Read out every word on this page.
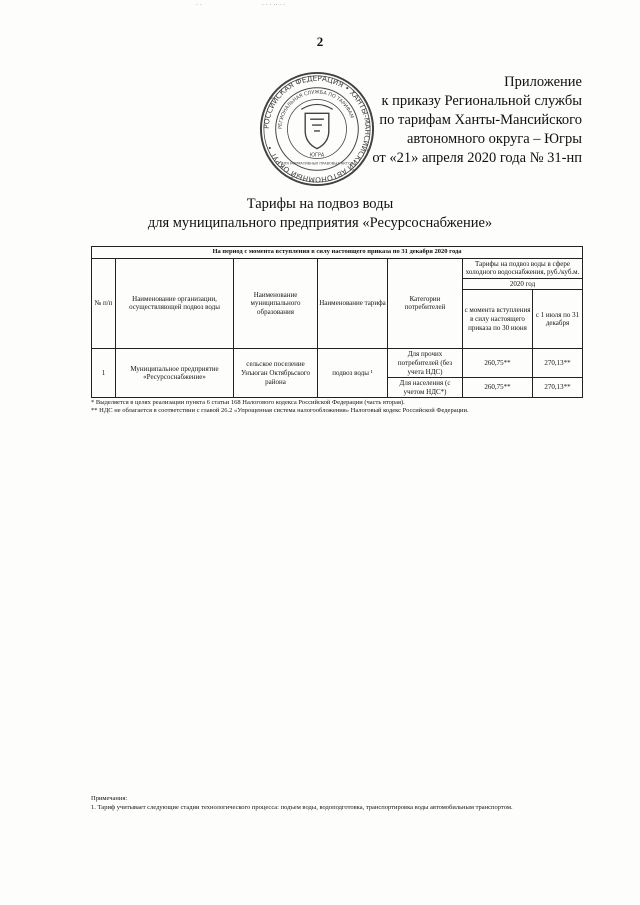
· · · ·· · ·
· ·
2
РОССИЙСКАЯ ФЕДЕРАЦИЯ • ХАНТЫ-МАНСИЙСКИЙ АВТОНОМНЫЙ ОКРУГ •
РЕГИОНАЛЬНАЯ СЛУЖБА ПО ТАРИФАМ
ЮГРА
ДЛЯ НОРМАТИВНЫХ ПРАВОВЫХ АКТОВ
Приложение
к приказу Региональной службы
по тарифам Ханты-Мансийского
автономного округа – Югры
от «21» апреля 2020 года № 31-нп
Тарифы на подвоз воды
для муниципального предприятия «Ресурсоснабжение»
На период с момента вступления в силу настоящего приказа по 31 декабря 2020 года						
№ п/п	Наименование организации, осуществляющей подвоз воды	Наименование муниципального образования	Наименование тарифа	Категории потребителей	Тарифы на подвоз воды в сфере холодного водоснабжения, руб./куб.м.	
					2020 год	
					с момента вступления в силу настоящего приказа по 30 июня	с 1 июля по 31 декабря
1	Муниципальное предприятие «Ресурсоснабжение»	сельское поселение Унъюган Октябрьского района	подвоз воды ¹	Для прочих потребителей (без учета НДС)	260,75**	270,13**
				Для населения (с учетом НДС*)	260,75**	270,13**

* Выделяется в целях реализации пункта 6 статьи 168 Налогового кодекса Российской Федерации (часть вторая).

** НДС не облагается в соответствии с главой 26.2 «Упрощенная система налогообложения» Налоговый кодекс Российской Федерации.

Примечания:

1. Тариф учитывает следующие стадии технологического процесса: подъем воды, водоподготовка, транспортировка воды автомобильным транспортом.
